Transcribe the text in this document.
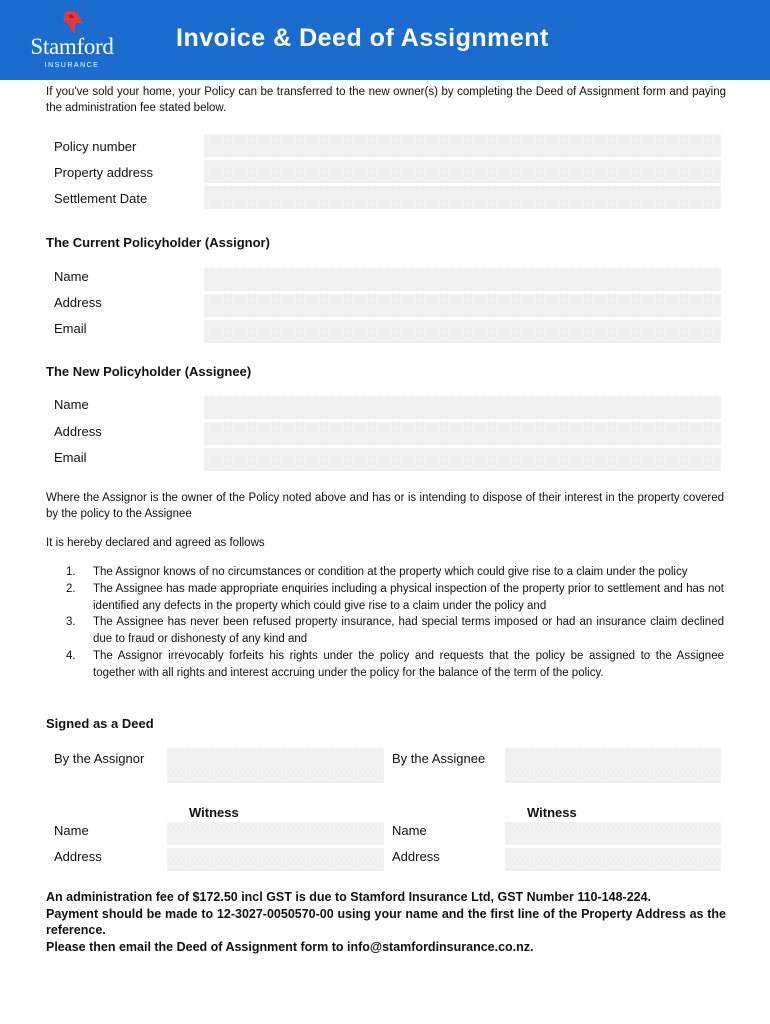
Stamford
INSURANCE
Invoice & Deed of Assignment
If you've sold your home, your Policy can be transferred to the new owner(s) by completing the Deed of Assignment form and paying the administration fee stated below.
Policy number
Property address
Settlement Date
The Current Policyholder (Assignor)
Name
Address
Email
The New Policyholder (Assignee)
Name
Address
Email
Where the Assignor is the owner of the Policy noted above and has or is intending to dispose of their interest in the property covered by the policy to the Assignee
It is hereby declared and agreed as follows
1. The Assignor knows of no circumstances or condition at the property which could give rise to a claim under the policy
2. The Assignee has made appropriate enquiries including a physical inspection of the property prior to settlement and has not identified any defects in the property which could give rise to a claim under the policy and
3. The Assignee has never been refused property insurance, had special terms imposed or had an insurance claim declined due to fraud or dishonesty of any kind and
4. The Assignor irrevocably forfeits his rights under the policy and requests that the policy be assigned to the Assignee together with all rights and interest accruing under the policy for the balance of the term of the policy.
Signed as a Deed
By the Assignor	By the Assignee
Witness	Witness
Name
Address
Name
Address
An administration fee of $172.50 incl GST is due to Stamford Insurance Ltd, GST Number 110-148-224.
Payment should be made to 12-3027-0050570-00 using your name and the first line of the Property Address as the reference.
Please then email the Deed of Assignment form to info@stamfordinsurance.co.nz.
